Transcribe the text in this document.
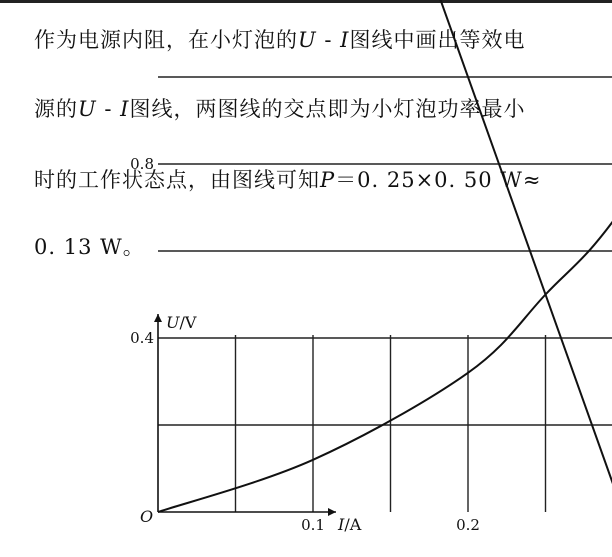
作为电源内阻，在小灯泡的U - I图线中画出等效电

源的U - I图线，两图线的交点即为小灯泡功率最小

时的工作状态点，由图线可知P＝0. 25×0. 50 W≈

0. 13 W。

0.1	0.2
0.4
0.8
O
U/V
I/A
